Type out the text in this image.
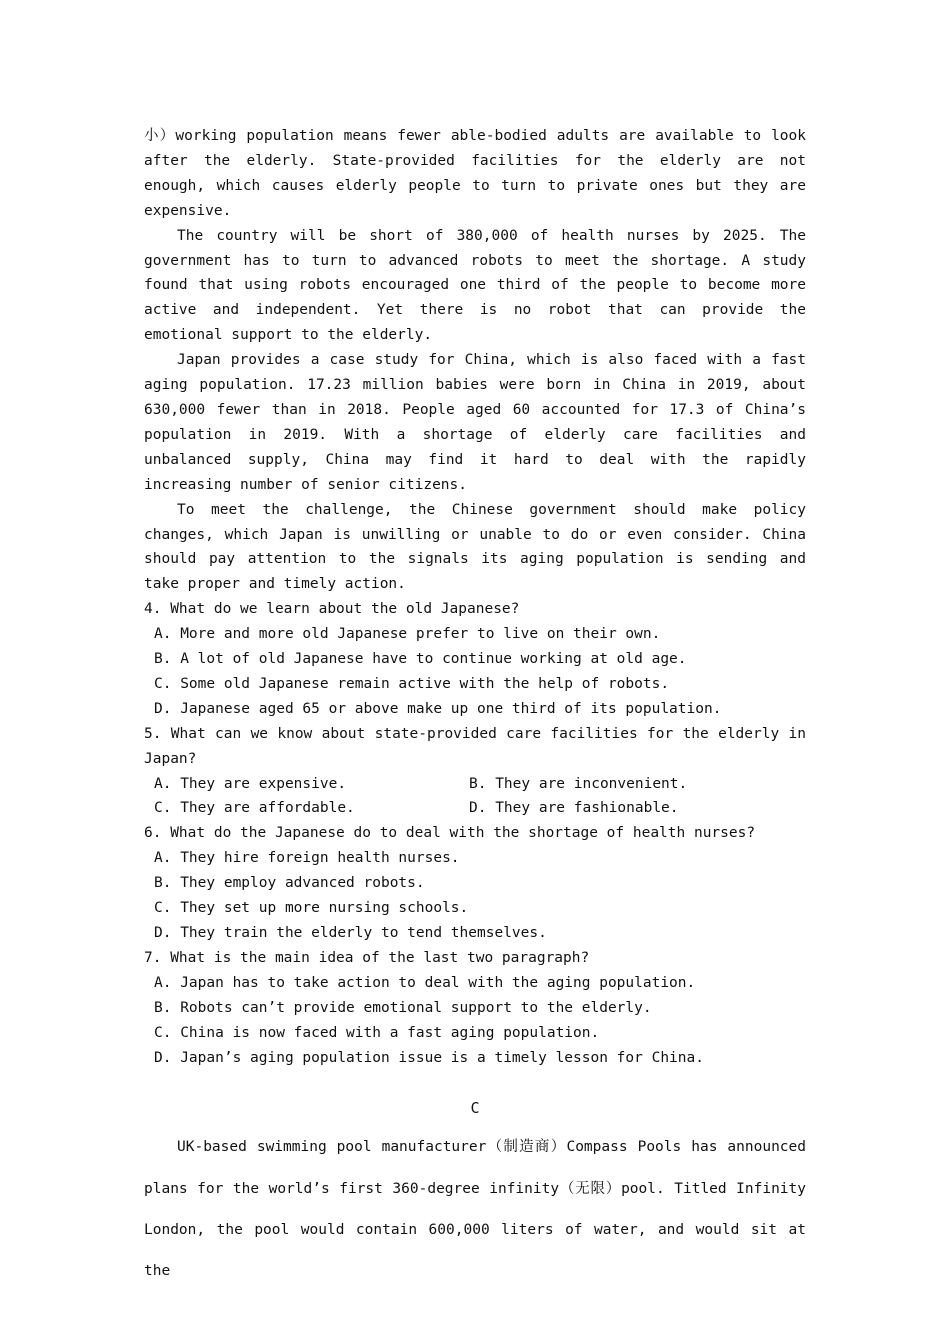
小）working population means fewer able-bodied adults are available to look after the elderly. State-provided facilities for the elderly are not enough, which causes elderly people to turn to private ones but they are expensive.

The country will be short of 380,000 of health nurses by 2025. The government has to turn to advanced robots to meet the shortage. A study found that using robots encouraged one third of the people to become more active and independent. Yet there is no robot that can provide the emotional support to the elderly.

Japan provides a case study for China, which is also faced with a fast aging population. 17.23 million babies were born in China in 2019, about 630,000 fewer than in 2018. People aged 60 accounted for 17.3 of China’s population in 2019. With a shortage of elderly care facilities and unbalanced supply, China may find it hard to deal with the rapidly increasing number of senior citizens.

To meet the challenge, the Chinese government should make policy changes, which Japan is unwilling or unable to do or even consider. China should pay attention to the signals its aging population is sending and take proper and timely action.

4. What do we learn about the old Japanese?

A. More and more old Japanese prefer to live on their own.

B. A lot of old Japanese have to continue working at old age.

C. Some old Japanese remain active with the help of robots.

D. Japanese aged 65 or above make up one third of its population.

5. What can we know about state-provided care facilities for the elderly in Japan?

A. They are expensive.	B. They are inconvenient.
C. They are affordable.	D. They are fashionable.

6. What do the Japanese do to deal with the shortage of health nurses?

A. They hire foreign health nurses.

B. They employ advanced robots.

C. They set up more nursing schools.

D. They train the elderly to tend themselves.

7. What is the main idea of the last two paragraph?

A. Japan has to take action to deal with the aging population.

B. Robots can’t provide emotional support to the elderly.

C. China is now faced with a fast aging population.

D. Japan’s aging population issue is a timely lesson for China.

C

UK-based swimming pool manufacturer（制造商）Compass Pools has announced plans for the world’s first 360-degree infinity（无限）pool. Titled Infinity London, the pool would contain 600,000 liters of water, and would sit at the
